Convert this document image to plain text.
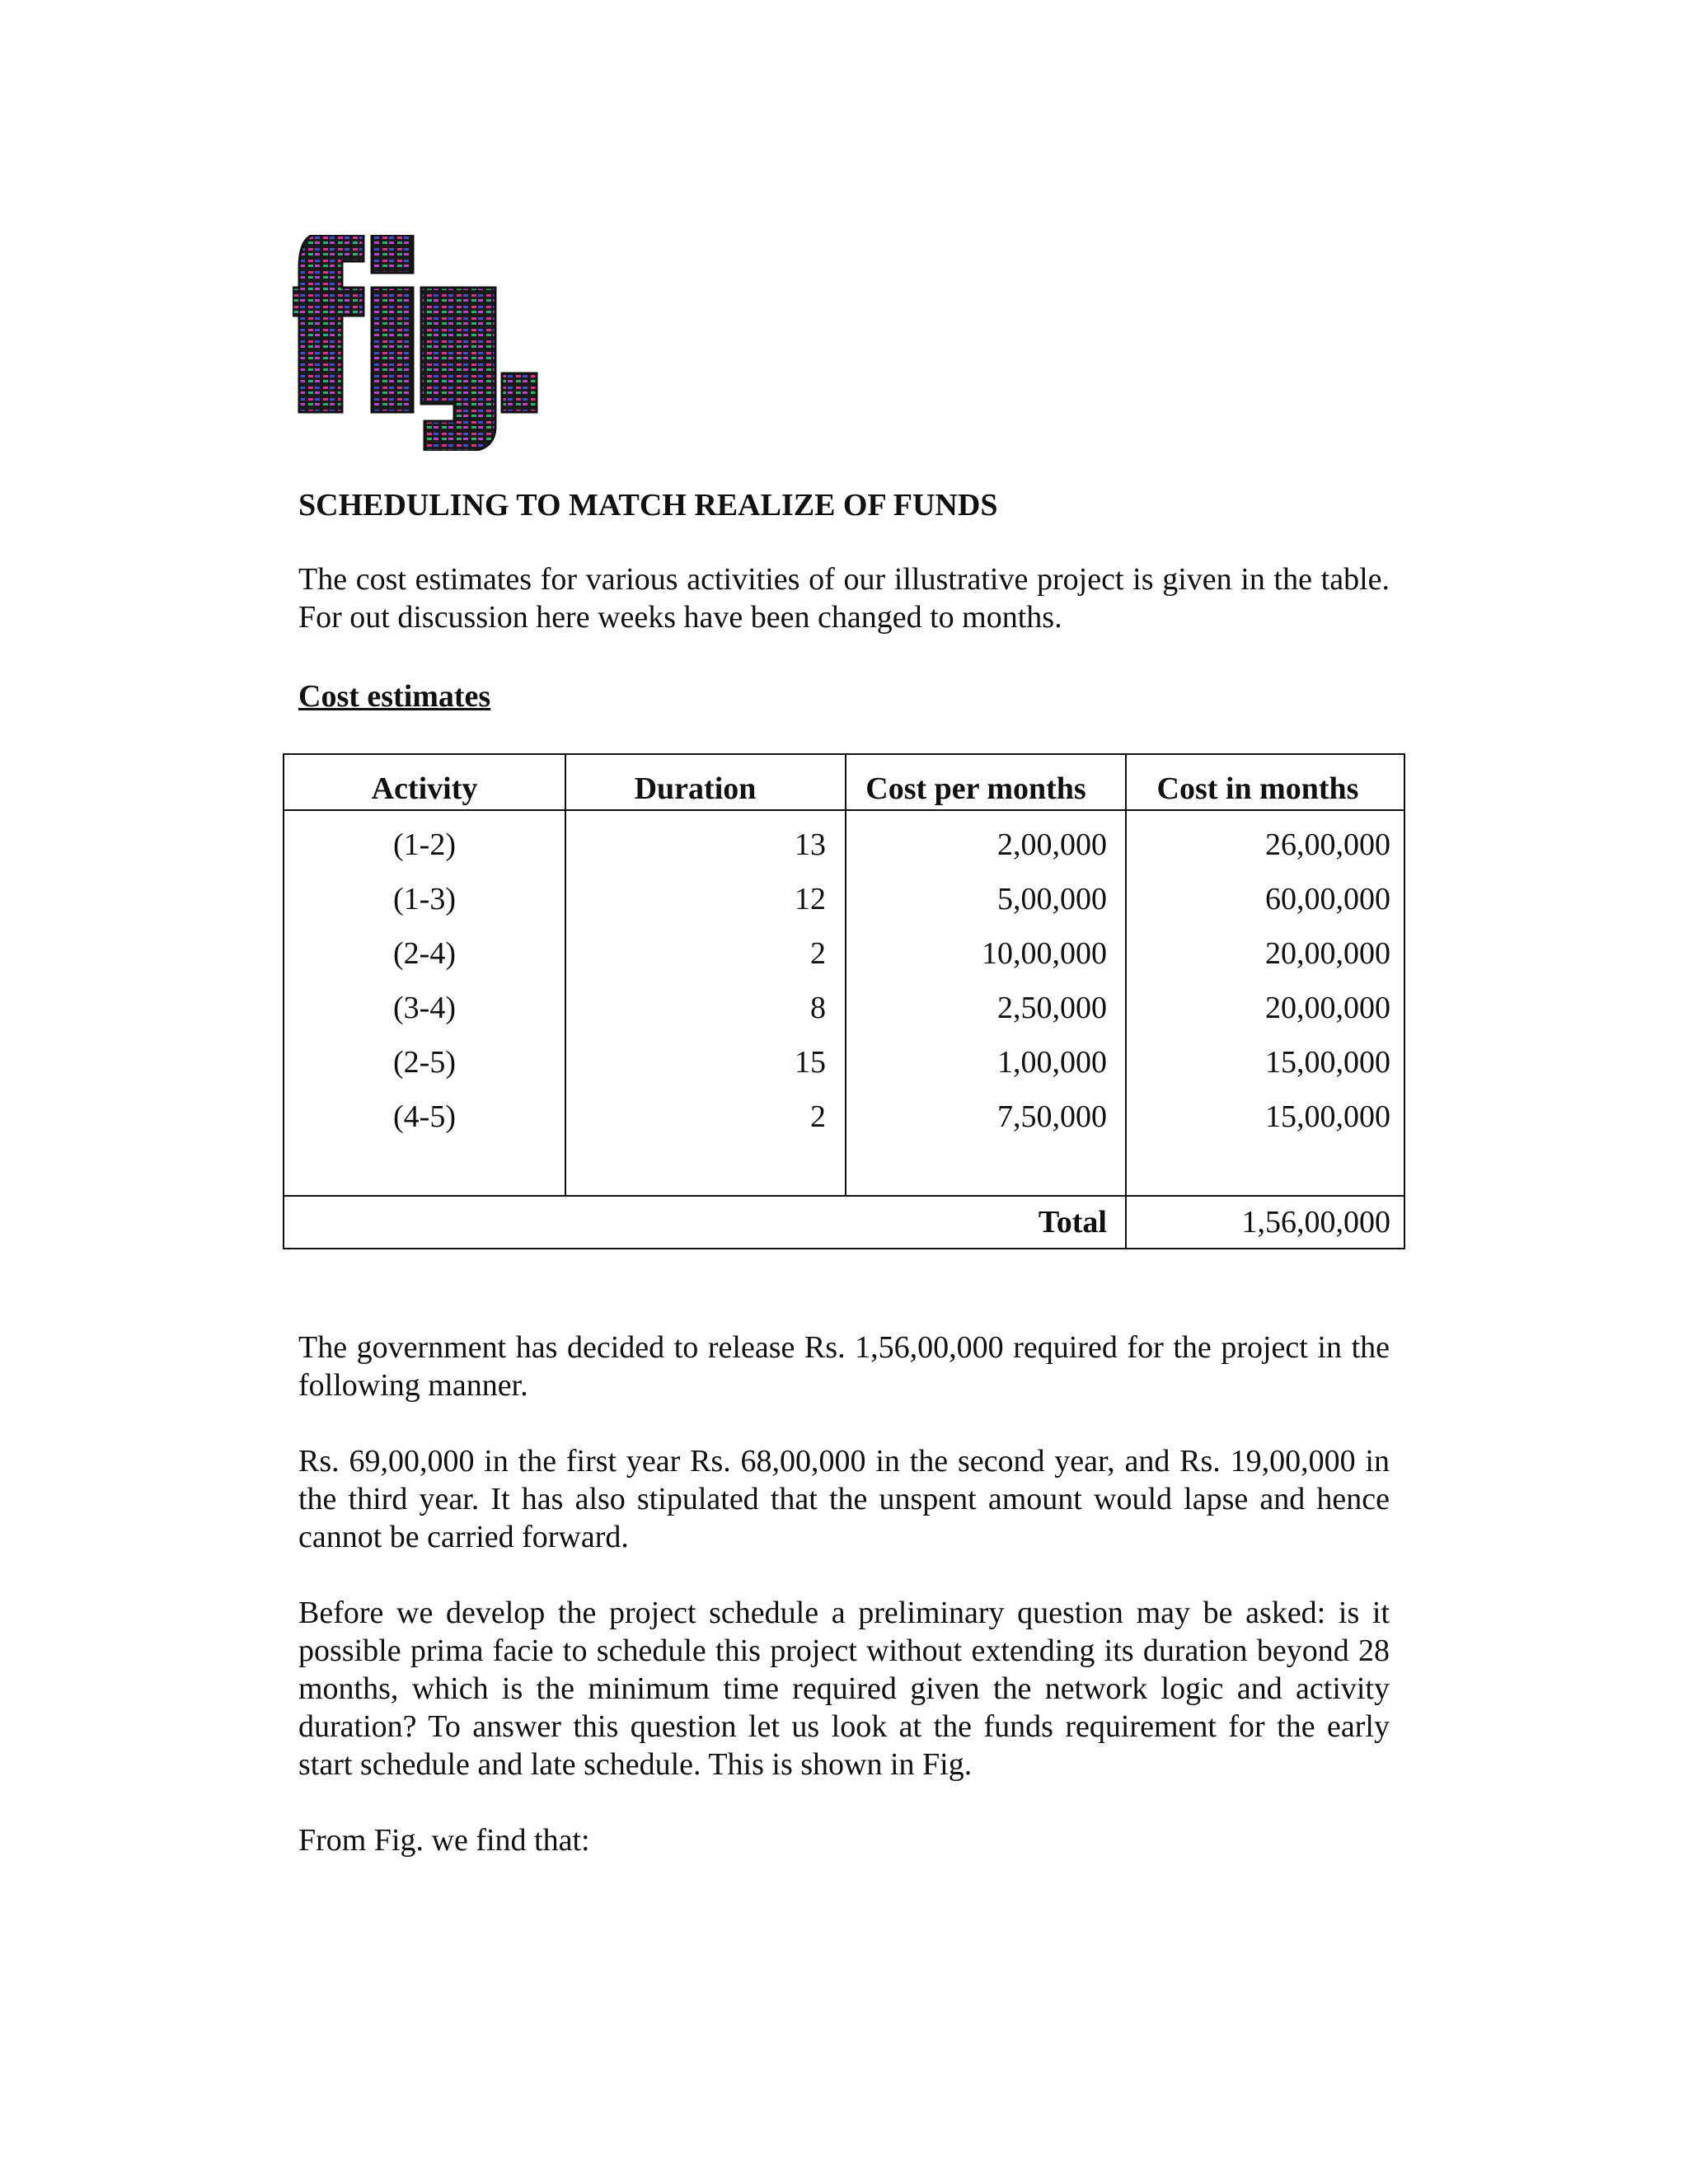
SCHEDULING TO MATCH REALIZE OF FUNDS
The cost estimates for various activities of our illustrative project is given in the table. For out discussion here weeks have been changed to months.
Cost estimates
Activity	Duration	Cost per months	Cost in months
(1-2)	13	2,00,000	26,00,000
(1-3)	12	5,00,000	60,00,000
(2-4)	2	10,00,000	20,00,000
(3-4)	8	2,50,000	20,00,000
(2-5)	15	1,00,000	15,00,000
(4-5)	2	7,50,000	15,00,000
Total	1,56,00,000
The government has decided to release Rs. 1,56,00,000 required for the project in the following manner.
Rs. 69,00,000 in the first year Rs. 68,00,000 in the second year, and Rs. 19,00,000 in the third year. It has also stipulated that the unspent amount would lapse and hence cannot be carried forward.
Before we develop the project schedule a preliminary question may be asked: is it possible prima facie to schedule this project without extending its duration beyond 28 months, which is the minimum time required given the network logic and activity duration? To answer this question let us look at the funds requirement for the early start schedule and late schedule. This is shown in Fig.
From Fig. we find that:
